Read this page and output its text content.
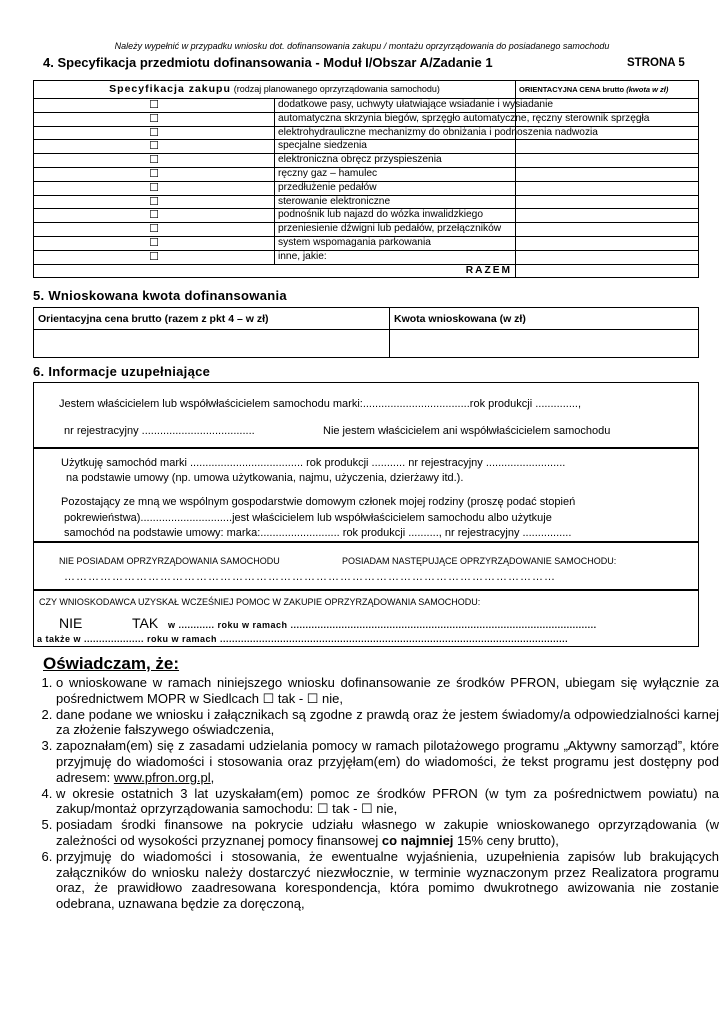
Należy wypełnić w przypadku wniosku dot. dofinansowania zakupu / montażu oprzyrządowania do posiadanego samochodu
4. Specyfikacja przedmiotu dofinansowania - Moduł I/Obszar A/Zadanie 1	STRONA 5
Specyfikacja zakupu (rodzaj planowanego oprzyrządowania samochodu)		ORIENTACYJNA CENA brutto (kwota w zł)
☐	dodatkowe pasy, uchwyty ułatwiające wsiadanie i wysiadanie	
☐	automatyczna skrzynia biegów, sprzęgło automatyczne, ręczny sterownik sprzęgła	
☐	elektrohydrauliczne mechanizmy do obniżania i podnoszenia nadwozia	
☐	specjalne siedzenia	
☐	elektroniczna obręcz przyspieszenia	
☐	ręczny gaz – hamulec	
☐	przedłużenie pedałów	
☐	sterowanie elektroniczne	
☐	podnośnik lub najazd do wózka inwalidzkiego	
☐	przeniesienie dźwigni lub pedałów, przełączników	
☐	system wspomagania parkowania	
☐	inne, jakie:	
RAZEM		
5. Wnioskowana kwota dofinansowania
Orientacyjna cena brutto (razem z pkt 4 – w zł)	Kwota wnioskowana (w zł)

6. Informacje uzupełniające
Jestem właścicielem lub współwłaścicielem samochodu marki:...................................rok produkcji ..............,
nr rejestracyjny .....................................	Nie jestem właścicielem ani współwłaścicielem samochodu
Użytkuję samochód marki ..................................... rok produkcji ........... nr rejestracyjny ..........................
na podstawie umowy (np. umowa użytkowania, najmu, użyczenia, dzierżawy itd.).
Pozostający ze mną we wspólnym gospodarstwie domowym członek mojej rodziny (proszę podać stopień
pokrewieństwa)..............................jest właścicielem lub współwłaścicielem samochodu albo użytkuje
samochód na podstawie umowy: marka:.......................... rok produkcji .........., nr rejestracyjny ................
NIE POSIADAM OPRZYRZĄDOWANIA SAMOCHODU	POSIADAM NASTĘPUJĄCE OPRZYRZĄDOWANIE SAMOCHODU:
……………………………………………………………………………………………………………
CZY WNIOSKODAWCA UZYSKAŁ WCZEŚNIEJ POMOC W ZAKUPIE OPRZYRZĄDOWANIA SAMOCHODU:
NIE	TAK w ............ roku w ramach ......................................................................................................
a także w .................... roku w ramach ....................................................................................................................
Oświadczam, że:
1. o wnioskowane w ramach niniejszego wniosku dofinansowanie ze środków PFRON, ubiegam się wyłącznie za pośrednictwem MOPR w Siedlcach ☐ tak - ☐ nie,
2. dane podane we wniosku i załącznikach są zgodne z prawdą oraz że jestem świadomy/a odpowiedzialności karnej za złożenie fałszywego oświadczenia,
3. zapoznałam(em) się z zasadami udzielania pomocy w ramach pilotażowego programu „Aktywny samorząd”, które przyjmuję do wiadomości i stosowania oraz przyjęłam(em) do wiadomości, że tekst programu jest dostępny pod adresem: www.pfron.org.pl,
4. w okresie ostatnich 3 lat uzyskałam(em) pomoc ze środków PFRON (w tym za pośrednictwem powiatu) na zakup/montaż oprzyrządowania samochodu: ☐ tak - ☐ nie,
5. posiadam środki finansowe na pokrycie udziału własnego w zakupie wnioskowanego oprzyrządowania (w zależności od wysokości przyznanej pomocy finansowej co najmniej 15% ceny brutto),
6. przyjmuję do wiadomości i stosowania, że ewentualne wyjaśnienia, uzupełnienia zapisów lub brakujących załączników do wniosku należy dostarczyć niezwłocznie, w terminie wyznaczonym przez Realizatora programu oraz, że prawidłowo zaadresowana korespondencja, która pomimo dwukrotnego awizowania nie zostanie odebrana, uznawana będzie za doręczoną,
